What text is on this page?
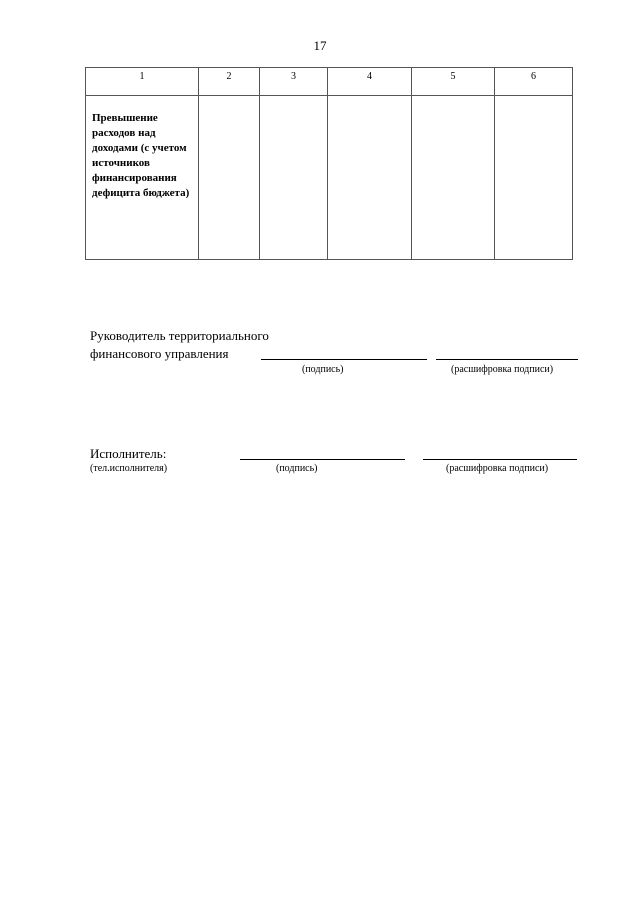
17
1	2	3	4	5	6
Превышение расходов над доходами (с учетом источников финансирования дефицита бюджета)					
Руководитель территориального
финансового управления
(подпись)	(расшифровка подписи)
Исполнитель:
(тел.исполнителя)	(подпись)	(расшифровка подписи)
